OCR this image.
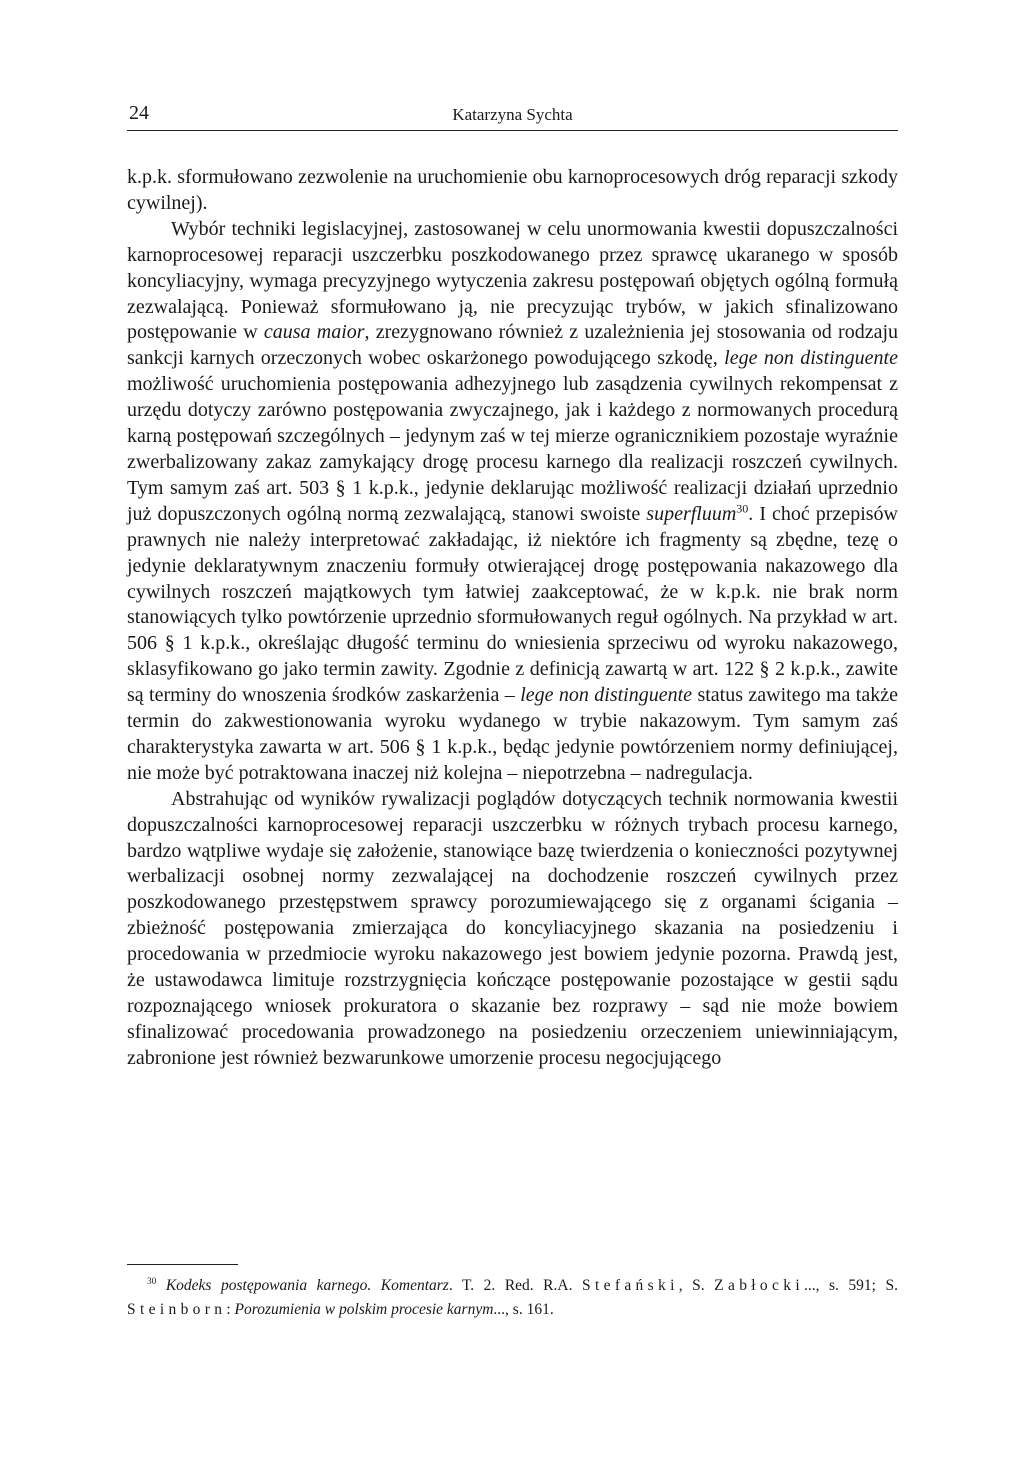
24	Katarzyna Sychta

k.p.k. sformułowano zezwolenie na uruchomienie obu karnoprocesowych dróg reparacji szkody cywilnej).

Wybór techniki legislacyjnej, zastosowanej w celu unormowania kwestii dopuszczalności karnoprocesowej reparacji uszczerbku poszkodowanego przez sprawcę ukaranego w sposób koncyliacyjny, wymaga precyzyjnego wytyczenia zakresu postępowań objętych ogólną formułą zezwalającą. Ponieważ sformułowano ją, nie precyzując trybów, w jakich sfinalizowano postępowanie w causa maior, zrezygnowano również z uzależnienia jej stosowania od rodzaju sankcji karnych orzeczonych wobec oskarżonego powodującego szkodę, lege non distinguente możliwość uruchomienia postępowania adhezyjnego lub zasądzenia cywilnych rekompensat z urzędu dotyczy zarówno postępowania zwyczajnego, jak i każdego z normowanych procedurą karną postępowań szczególnych – jedynym zaś w tej mierze ogranicznikiem pozostaje wyraźnie zwerbalizowany zakaz zamykający drogę procesu karnego dla realizacji roszczeń cywilnych. Tym samym zaś art. 503 § 1 k.p.k., jedynie deklarując możliwość realizacji działań uprzednio już dopuszczonych ogólną normą zezwalającą, stanowi swoiste superfluum$^{30}$. I choć przepisów prawnych nie należy interpretować zakładając, iż niektóre ich fragmenty są zbędne, tezę o jedynie deklaratywnym znaczeniu formuły otwierającej drogę postępowania nakazowego dla cywilnych roszczeń majątkowych tym łatwiej zaakceptować, że w k.p.k. nie brak norm stanowiących tylko powtórzenie uprzednio sformułowanych reguł ogólnych. Na przykład w art. 506 § 1 k.p.k., określając długość terminu do wniesienia sprzeciwu od wyroku nakazowego, sklasyfikowano go jako termin zawity. Zgodnie z definicją zawartą w art. 122 § 2 k.p.k., zawite są terminy do wnoszenia środków zaskarżenia – lege non distinguente status zawitego ma także termin do zakwestionowania wyroku wydanego w trybie nakazowym. Tym samym zaś charakterystyka zawarta w art. 506 § 1 k.p.k., będąc jedynie powtórzeniem normy definiującej, nie może być potraktowana inaczej niż kolejna – niepotrzebna – nadregulacja.

Abstrahując od wyników rywalizacji poglądów dotyczących technik normowania kwestii dopuszczalności karnoprocesowej reparacji uszczerbku w różnych trybach procesu karnego, bardzo wątpliwe wydaje się założenie, stanowiące bazę twierdzenia o konieczności pozytywnej werbalizacji osobnej normy zezwalającej na dochodzenie roszczeń cywilnych przez poszkodowanego przestępstwem sprawcy porozumiewającego się z organami ścigania – zbieżność postępowania zmierzająca do koncyliacyjnego skazania na posiedzeniu i procedowania w przedmiocie wyroku nakazowego jest bowiem jedynie pozorna. Prawdą jest, że ustawodawca limituje rozstrzygnięcia kończące postępowanie pozostające w gestii sądu rozpoznającego wniosek prokuratora o skazanie bez rozprawy – sąd nie może bowiem sfinalizować procedowania prowadzonego na posiedzeniu orzeczeniem uniewinniającym, zabronione jest również bezwarunkowe umorzenie procesu negocjującego

$^{30}$ Kodeks postępowania karnego. Komentarz. T. 2. Red. R.A. Stefański, S. Zabłocki..., s. 591; S. Steinborn: Porozumienia w polskim procesie karnym..., s. 161.
